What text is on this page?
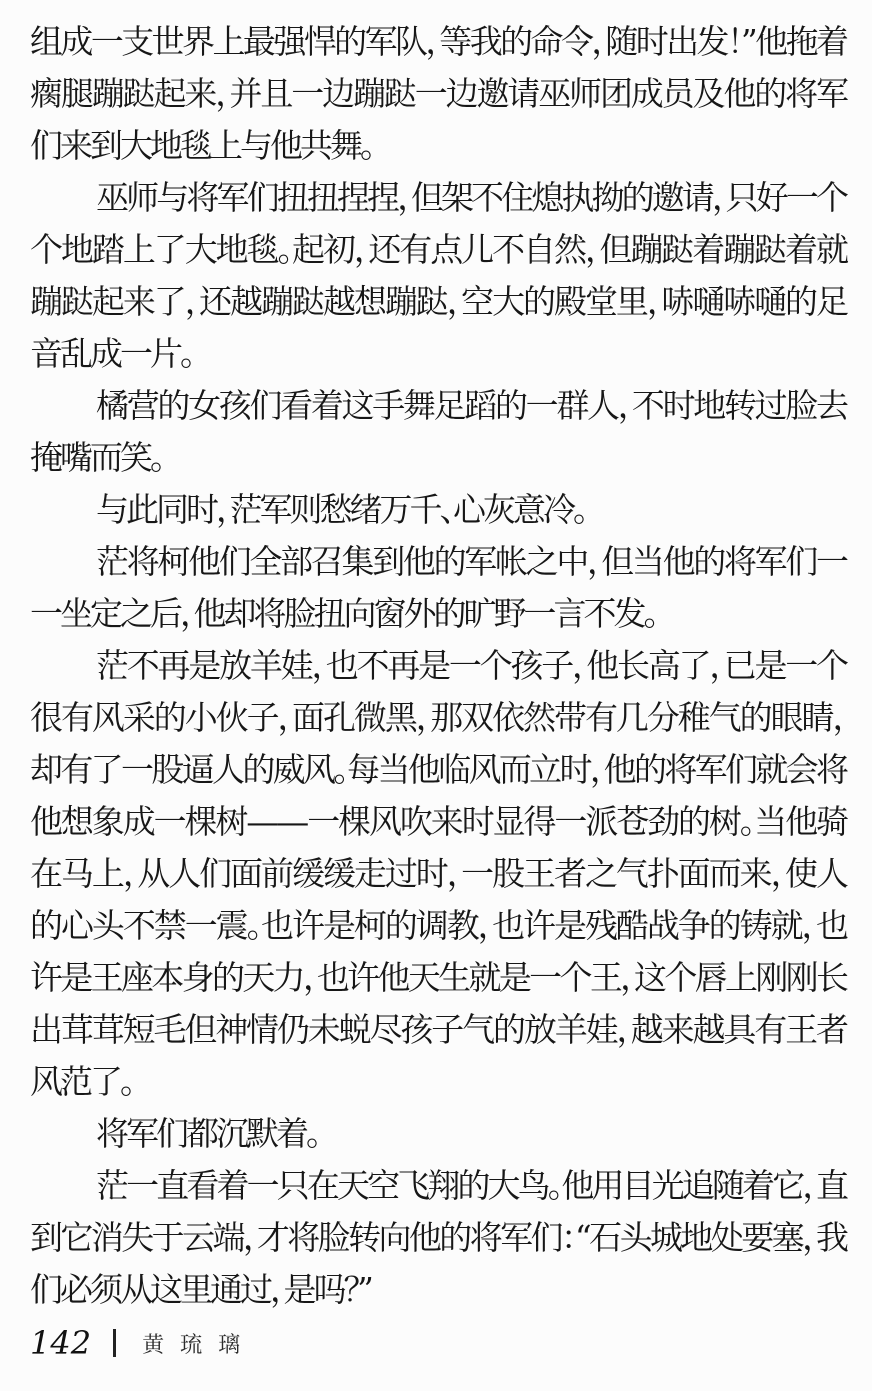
组成一支世界上最强悍的军队，等我的命令，随时出发！”他拖着瘸腿蹦跶起来，并且一边蹦跶一边邀请巫师团成员及他的将军们来到大地毯上与他共舞。

巫师与将军们扭扭捏捏，但架不住熄执拗的邀请，只好一个个地踏上了大地毯。起初，还有点儿不自然，但蹦跶着蹦跶着就蹦跶起来了，还越蹦跶越想蹦跶，空大的殿堂里，哧嗵哧嗵的足音乱成一片。

橘营的女孩们看着这手舞足蹈的一群人，不时地转过脸去掩嘴而笑。

与此同时，茫军则愁绪万千、心灰意冷。

茫将柯他们全部召集到他的军帐之中，但当他的将军们一一坐定之后，他却将脸扭向窗外的旷野一言不发。

茫不再是放羊娃，也不再是一个孩子，他长高了，已是一个很有风采的小伙子，面孔微黑，那双依然带有几分稚气的眼睛，却有了一股逼人的威风。每当他临风而立时，他的将军们就会将他想象成一棵树——一棵风吹来时显得一派苍劲的树。当他骑在马上，从人们面前缓缓走过时，一股王者之气扑面而来，使人的心头不禁一震。也许是柯的调教，也许是残酷战争的铸就，也许是王座本身的天力，也许他天生就是一个王，这个唇上刚刚长出茸茸短毛但神情仍未蜕尽孩子气的放羊娃，越来越具有王者风范了。

将军们都沉默着。

茫一直看着一只在天空飞翔的大鸟。他用目光追随着它，直到它消失于云端，才将脸转向他的将军们：“石头城地处要塞，我们必须从这里通过，是吗？”

142 黄琉璃
